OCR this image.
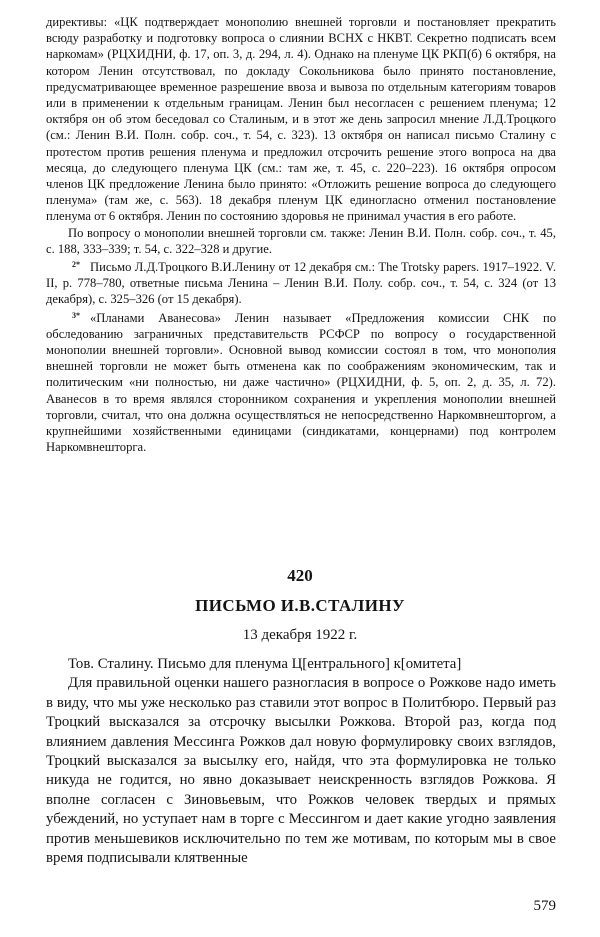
директивы: «ЦК подтверждает монополию внешней торговли и постановляет прекратить всюду разработку и подготовку вопроса о слиянии ВСНХ с НКВТ. Секретно подписать всем наркомам» (РЦХИДНИ, ф. 17, оп. 3, д. 294, л. 4). Однако на пленуме ЦК РКП(б) 6 октября, на котором Ленин отсутствовал, по докладу Сокольникова было принято постановление, предусматривающее временное разрешение ввоза и вывоза по отдельным категориям товаров или в применении к отдельным границам. Ленин был несогласен с решением пленума; 12 октября он об этом беседовал со Сталиным, и в этот же день запросил мнение Л.Д.Троцкого (см.: Ленин В.И. Полн. собр. соч., т. 54, с. 323). 13 октября он написал письмо Сталину с протестом против решения пленума и предложил отсрочить решение этого вопроса на два месяца, до следующего пленума ЦК (см.: там же, т. 45, с. 220–223). 16 октября опросом членов ЦК предложение Ленина было принято: «Отложить решение вопроса до следующего пленума» (там же, с. 563). 18 декабря пленум ЦК единогласно отменил постановление пленума от 6 октября. Ленин по состоянию здоровья не принимал участия в его работе.

По вопросу о монополии внешней торговли см. также: Ленин В.И. Полн. собр. соч., т. 45, с. 188, 333–339; т. 54, с. 322–328 и другие.

$^{2*}$ Письмо Л.Д.Троцкого В.И.Ленину от 12 декабря см.: The Trotsky papers. 1917–1922. V. II, p. 778–780, ответные письма Ленина – Ленин В.И. Полу. собр. соч., т. 54, с. 324 (от 13 декабря), с. 325–326 (от 15 декабря).

$^{3*}$ «Планами Аванесова» Ленин называет «Предложения комиссии СНК по обследованию заграничных представительств РСФСР по вопросу о государственной монополии внешней торговли». Основной вывод комиссии состоял в том, что монополия внешней торговли не может быть отменена как по соображениям экономическим, так и политическим «ни полностью, ни даже частично» (РЦХИДНИ, ф. 5, оп. 2, д. 35, л. 72). Аванесов в то время являлся сторонником сохранения и укрепления монополии внешней торговли, считал, что она должна осуществляться не непосредственно Наркомвнешторгом, а крупнейшими хозяйственными единицами (синдикатами, концернами) под контролем Наркомвнешторга.

420
ПИСЬМО И.В.СТАЛИНУ
13 декабря 1922 г.

Тов. Сталину. Письмо для пленума Ц[ентрального] к[омитета]

Для правильной оценки нашего разногласия в вопросе о Рожкове надо иметь в виду, что мы уже несколько раз ставили этот вопрос в Политбюро. Первый раз Троцкий высказался за отсрочку высылки Рожкова. Второй раз, когда под влиянием давления Мессинга Рожков дал новую формулировку своих взглядов, Троцкий высказался за высылку его, найдя, что эта формулировка не только никуда не годится, но явно доказывает неискренность взглядов Рожкова. Я вполне согласен с Зиновьевым, что Рожков человек твердых и прямых убеждений, но уступает нам в торге с Мессингом и дает какие угодно заявления против меньшевиков исключительно по тем же мотивам, по которым мы в свое время подписывали клятвенные

579
